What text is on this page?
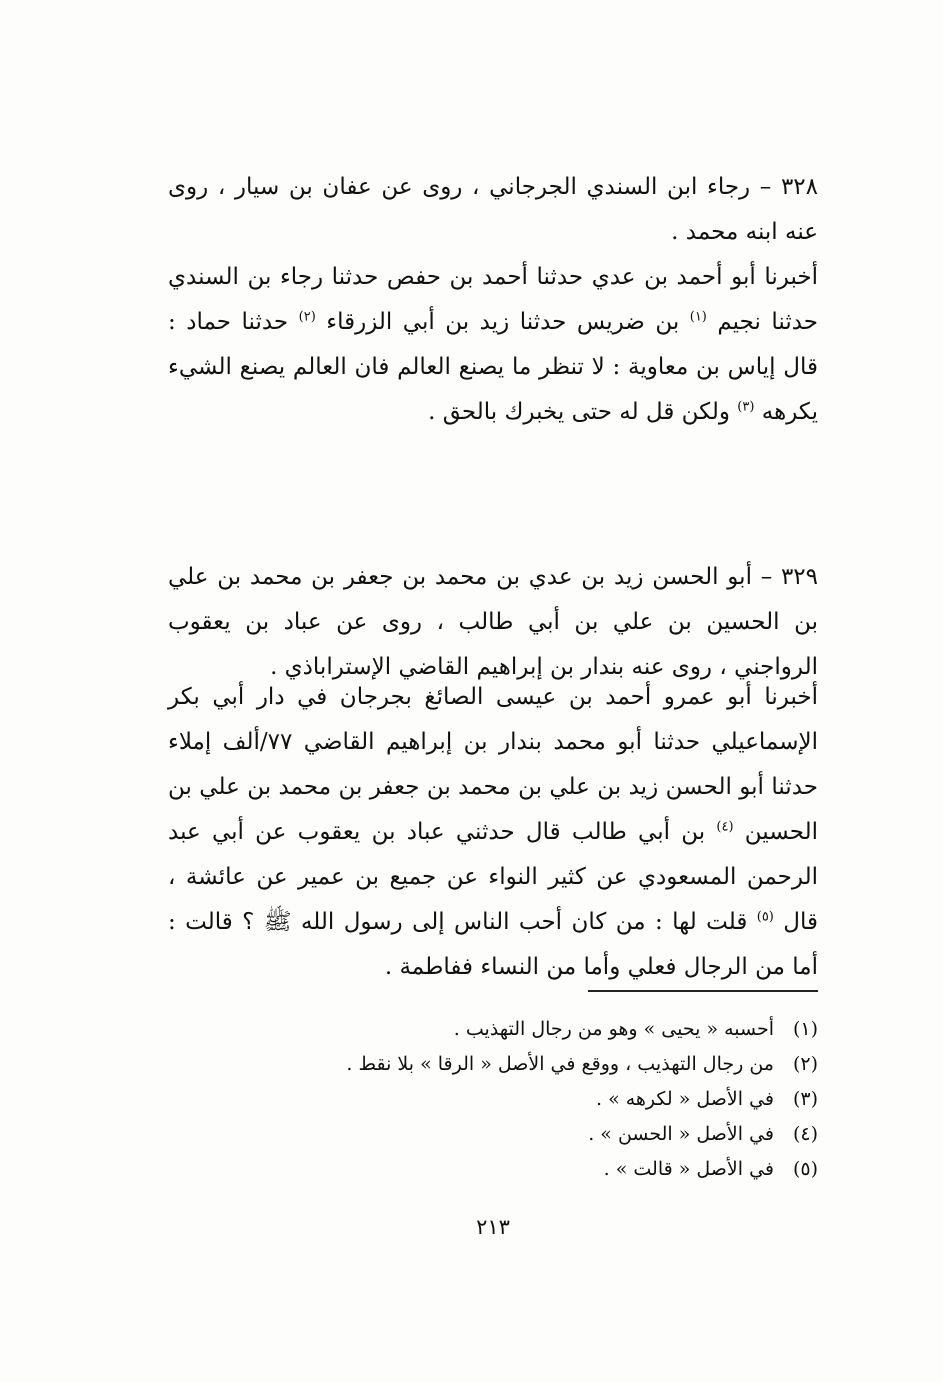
٣٢٨ – رجاء ابن السندي الجرجاني ، روى عن عفان بن سيار ، روى عنه ابنه محمد .

أخبرنا أبو أحمد بن عدي حدثنا أحمد بن حفص حدثنا رجاء بن السندي حدثنا نجيم $^{(١)}$ بن ضريس حدثنا زيد بن أبي الزرقاء $^{(٢)}$ حدثنا حماد : قال إياس بن معاوية : لا تنظر ما يصنع العالم فان العالم يصنع الشيء يكرهه $^{(٣)}$ ولكن قل له حتى يخبرك بالحق .

٣٢٩ – أبو الحسن زيد بن عدي بن محمد بن جعفر بن محمد بن علي بن الحسين بن علي بن أبي طالب ، روى عن عباد بن يعقوب الرواجني ، روى عنه بندار بن إبراهيم القاضي الإستراباذي .

أخبرنا أبو عمرو أحمد بن عيسى الصائغ بجرجان في دار أبي بكر الإسماعيلي حدثنا أبو محمد بندار بن إبراهيم القاضي ٧٧/ألف إملاء حدثنا أبو الحسن زيد بن علي بن محمد بن جعفر بن محمد بن علي بن الحسين $^{(٤)}$ بن أبي طالب قال حدثني عباد بن يعقوب عن أبي عبد الرحمن المسعودي عن كثير النواء عن جميع بن عمير عن عائشة ، قال $^{(٥)}$ قلت لها : من كان أحب الناس إلى رسول الله ﷺ ؟ قالت : أما من الرجال فعلي وأما من النساء ففاطمة .

(١)
أحسبه « يحيى » وهو من رجال التهذيب .
(٢)
من رجال التهذيب ، ووقع في الأصل « الرقا » بلا نقط .
(٣)
في الأصل « لكرهه » .
(٤)
في الأصل « الحسن » .
(٥)
في الأصل « قالت » .
٢١٣
